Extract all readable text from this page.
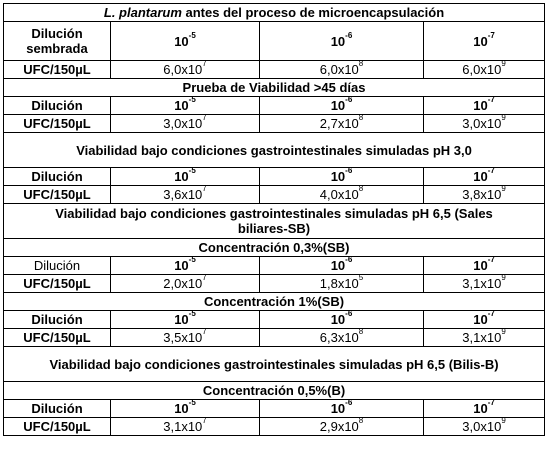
L. plantarum antes del proceso de microencapsulación			
Dilución sembrada	$10^{-5}$	$10^{-6}$	$10^{-7}$
UFC/150µL	$6,0x10^7$	$6,0x10^8$	$6,0x10^9$
Prueba de Viabilidad >45 días			
Dilución	$10^{-5}$	$10^{-6}$	$10^{-7}$
UFC/150µL	$3,0x10^7$	$2,7x10^8$	$3,0x10^9$
Viabilidad bajo condiciones gastrointestinales simuladas pH 3,0			
Dilución	$10^{-5}$	$10^{-6}$	$10^{-7}$
UFC/150µL	$3,6x10^7$	$4,0x10^8$	$3,8x10^9$
Viabilidad bajo condiciones gastrointestinales simuladas pH 6,5 (Sales biliares-SB)			
Concentración 0,3%(SB)			
Dilución	$10^{-5}$	$10^{-6}$	$10^{-7}$
UFC/150µL	$2,0x10^7$	$1,8x10^5$	$3,1x10^9$
Concentración 1%(SB)			
Dilución	$10^{-5}$	$10^{-6}$	$10^{-7}$
UFC/150µL	$3,5x10^7$	$6,3x10^8$	$3,1x10^9$
Viabilidad bajo condiciones gastrointestinales simuladas pH 6,5 (Bilis-B)			
Concentración 0,5%(B)			
Dilución	$10^{-5}$	$10^{-6}$	$10^{-7}$
UFC/150µL	$3,1x10^7$	$2,9x10^8$	$3,0x10^9$
